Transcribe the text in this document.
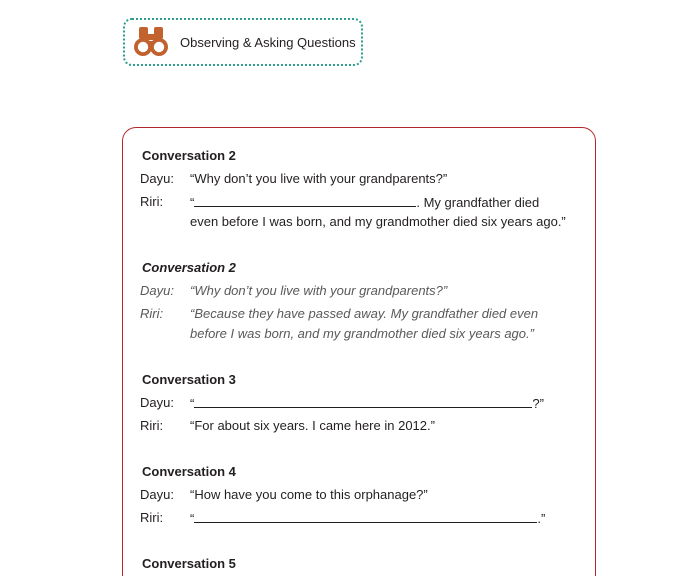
Observing & Asking Questions
Conversation 2
Dayu: “Why don’t you live with your grandparents?”
Riri: “	. My grandfather died
even before I was born, and my grandmother died six years ago.”
Conversation 2
Dayu: “Why don’t you live with your grandparents?”
Riri: “Because they have passed away. My grandfather died even
before I was born, and my grandmother died six years ago.”
Conversation 3
Dayu: “	?”
Riri: “For about six years. I came here in 2012.”
Conversation 4
Dayu: “How have you come to this orphanage?”
Riri: “	.”
Conversation 5
